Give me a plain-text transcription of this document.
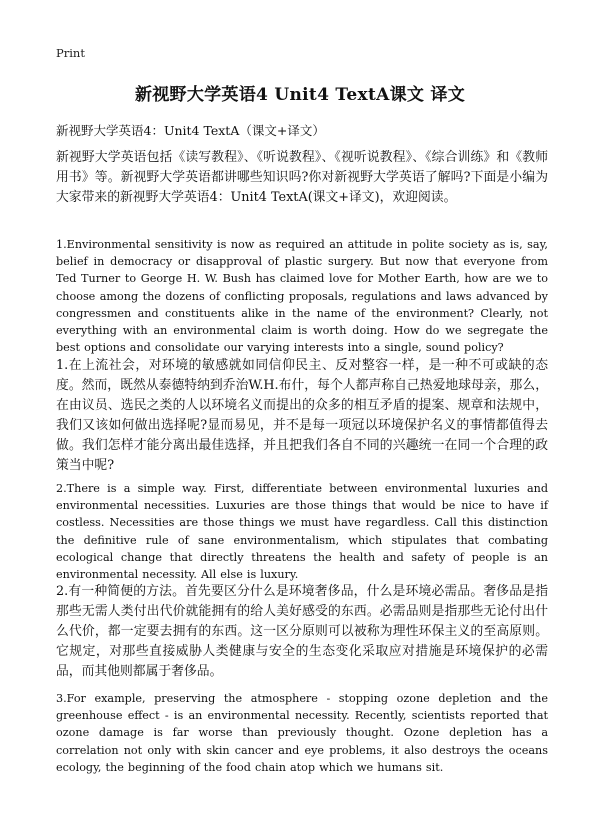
Print
新视野大学英语4 Unit4 TextA课文 译文
新视野大学英语4：Unit4 TextA（课文+译文）

新视野大学英语包括《读写教程》、《听说教程》、《视听说教程》、《综合训练》和《教师用书》等。新视野大学英语都讲哪些知识吗?你对新视野大学英语了解吗?下面是小编为大家带来的新视野大学英语4：Unit4 TextA(课文+译文)，欢迎阅读。

1.Environmental sensitivity is now as required an attitude in polite society as is, say, belief in democracy or disapproval of plastic surgery. But now that everyone from Ted Turner to George H. W. Bush has claimed love for Mother Earth, how are we to choose among the dozens of conflicting proposals, regulations and laws advanced by congressmen and constituents alike in the name of the environment? Clearly, not everything with an environmental claim is worth doing. How do we segregate the best options and consolidate our varying interests into a single, sound policy?

1.在上流社会，对环境的敏感就如同信仰民主、反对整容一样，是一种不可或缺的态度。然而，既然从泰德特纳到乔治W.H.布什，每个人都声称自己热爱地球母亲，那么，在由议员、选民之类的人以环境名义而提出的众多的相互矛盾的提案、规章和法规中，我们又该如何做出选择呢?显而易见，并不是每一项冠以环境保护名义的事情都值得去做。我们怎样才能分离出最佳选择，并且把我们各自不同的兴趣统一在同一个合理的政策当中呢?

2.There is a simple way. First, differentiate between environmental luxuries and environmental necessities. Luxuries are those things that would be nice to have if costless. Necessities are those things we must have regardless. Call this distinction the definitive rule of sane environmentalism, which stipulates that combating ecological change that directly threatens the health and safety of people is an environmental necessity. All else is luxury.

2.有一种简便的方法。首先要区分什么是环境奢侈品，什么是环境必需品。奢侈品是指那些无需人类付出代价就能拥有的给人美好感受的东西。必需品则是指那些无论付出什么代价，都一定要去拥有的东西。这一区分原则可以被称为理性环保主义的至高原则。它规定，对那些直接威胁人类健康与安全的生态变化采取应对措施是环境保护的必需品，而其他则都属于奢侈品。

3.For example, preserving the atmosphere - stopping ozone depletion and the greenhouse effect - is an environmental necessity. Recently, scientists reported that ozone damage is far worse than previously thought. Ozone depletion has a correlation not only with skin cancer and eye problems, it also destroys the oceans ecology, the beginning of the food chain atop which we humans sit.
